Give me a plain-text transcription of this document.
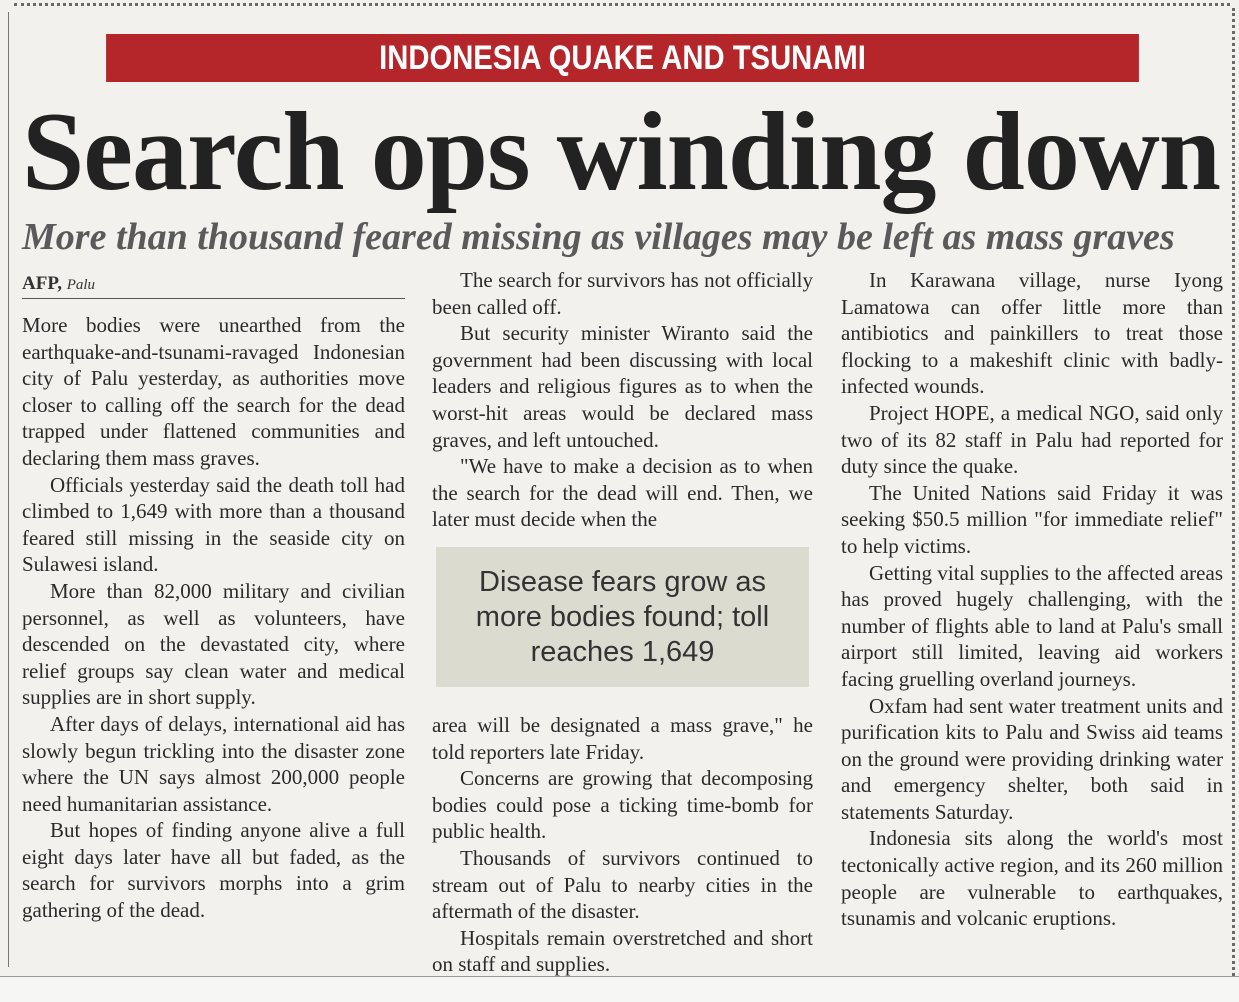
INDONESIA QUAKE AND TSUNAMI
Search ops winding down
More than thousand feared missing as villages may be left as mass graves
AFP, Palu

More bodies were unearthed from the earthquake-and-tsunami-ravaged Indonesian city of Palu yesterday, as authorities move closer to calling off the search for the dead trapped under flattened communities and declaring them mass graves.

Officials yesterday said the death toll had climbed to 1,649 with more than a thousand feared still missing in the seaside city on Sulawesi island.

More than 82,000 military and civilian personnel, as well as volunteers, have descended on the devastated city, where relief groups say clean water and medical supplies are in short supply.

After days of delays, international aid has slowly begun trickling into the disaster zone where the UN says almost 200,000 people need humanitarian assistance.

But hopes of finding anyone alive a full eight days later have all but faded, as the search for survivors morphs into a grim gathering of the dead.

The search for survivors has not officially been called off.

But security minister Wiranto said the government had been discussing with local leaders and religious figures as to when the worst-hit areas would be declared mass graves, and left untouched.

"We have to make a decision as to when the search for the dead will end. Then, we later must decide when the

Disease fears grow as more bodies found; toll reaches 1,649

area will be designated a mass grave," he told reporters late Friday.

Concerns are growing that decomposing bodies could pose a ticking time-bomb for public health.

Thousands of survivors continued to stream out of Palu to nearby cities in the aftermath of the disaster.

Hospitals remain overstretched and short on staff and supplies.

In Karawana village, nurse Iyong Lamatowa can offer little more than antibiotics and painkillers to treat those flocking to a makeshift clinic with badly-infected wounds.

Project HOPE, a medical NGO, said only two of its 82 staff in Palu had reported for duty since the quake.

The United Nations said Friday it was seeking $50.5 million "for immediate relief" to help victims.

Getting vital supplies to the affected areas has proved hugely challenging, with the number of flights able to land at Palu's small airport still limited, leaving aid workers facing gruelling overland journeys.

Oxfam had sent water treatment units and purification kits to Palu and Swiss aid teams on the ground were providing drinking water and emergency shelter, both said in statements Saturday.

Indonesia sits along the world's most tectonically active region, and its 260 million people are vulnerable to earthquakes, tsunamis and volcanic eruptions.
